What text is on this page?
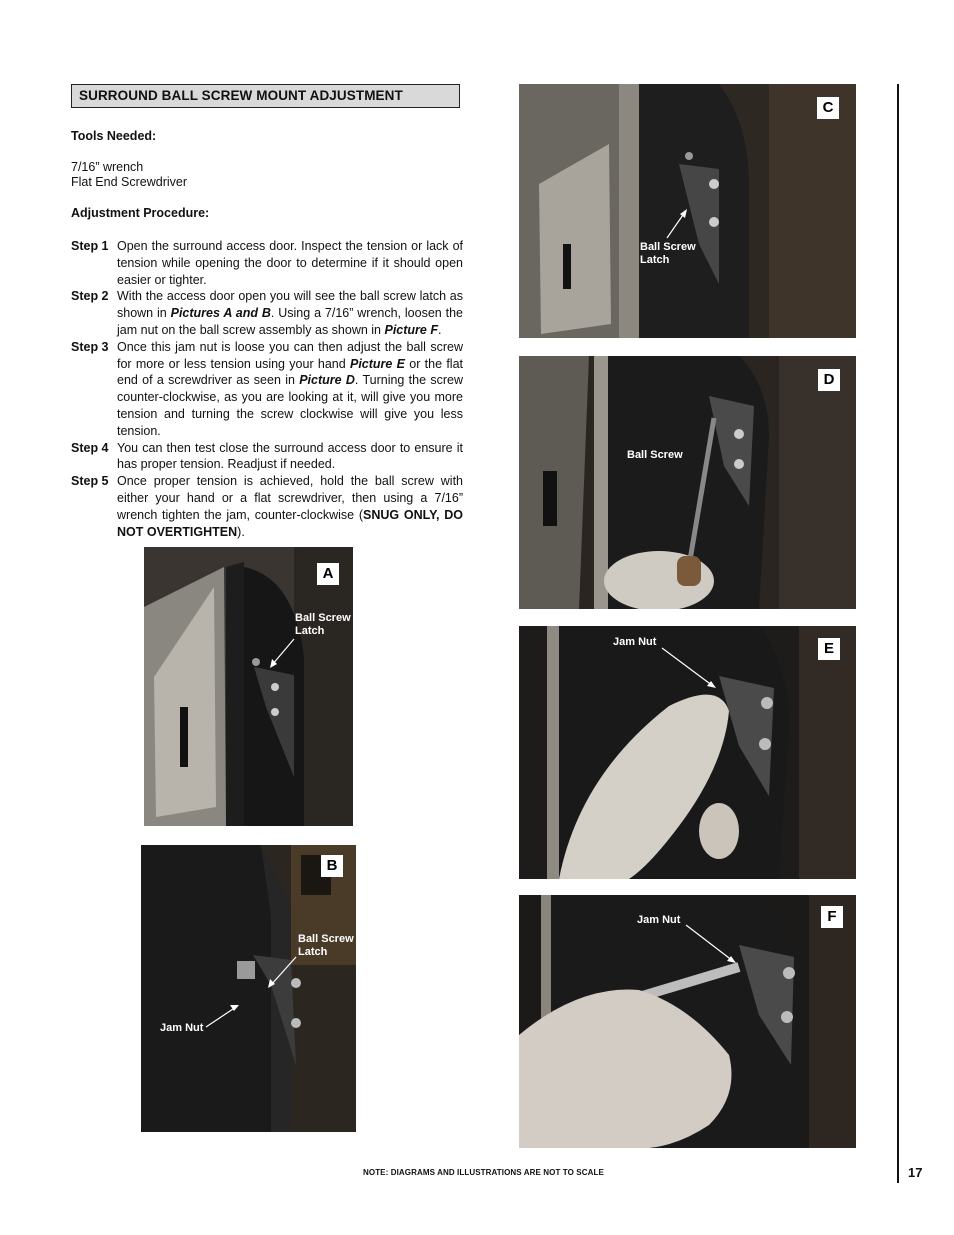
SURROUND BALL SCREW MOUNT ADJUSTMENT
Tools Needed:
7/16” wrench
Flat End Screwdriver
Adjustment Procedure:
Step 1 Open the surround access door. Inspect the tension or lack of tension while opening the door to determine if it should open easier or tighter.
Step 2 With the access door open you will see the ball screw latch as shown in Pictures A and B. Using a 7/16” wrench, loosen the jam nut on the ball screw assembly as shown in Picture F.
Step 3 Once this jam nut is loose you can then adjust the ball screw for more or less tension using your hand Picture E or the flat end of a screwdriver as seen in Picture D. Turning the screw counter-clockwise, as you are looking at it, will give you more tension and turning the screw clockwise will give you less tension.
Step 4 You can then test close the surround access door to ensure it has proper tension. Readjust if needed.
Step 5 Once proper tension is achieved, hold the ball screw with either your hand or a flat screwdriver, then using a 7/16” wrench tighten the jam, counter-clockwise (SNUG ONLY, DO NOT OVERTIGHTEN).
A
Ball Screw
Latch
B
Ball Screw
Latch
Jam Nut
C
Ball Screw
Latch
D
Ball Screw
E
Jam Nut
F
Jam Nut
NOTE: DIAGRAMS AND ILLUSTRATIONS ARE NOT TO SCALE	17
